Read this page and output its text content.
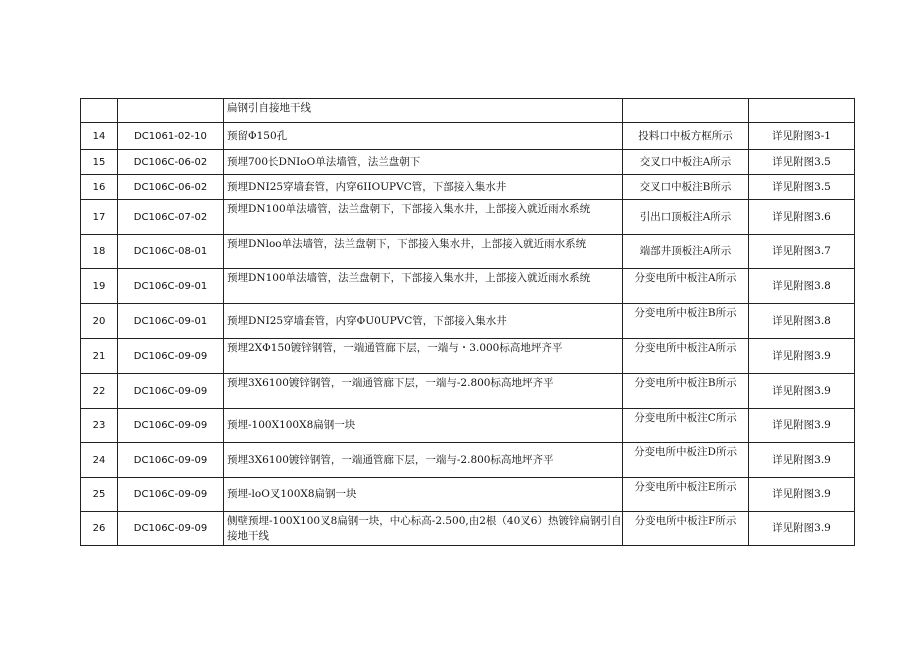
		扁钢引自接地干线		
14	DC1061-02-10	预留Φ150孔	投料口中板方框所示	详见附图3-1
15	DC106C-06-02	预埋700长DNIoO单法墙管，法兰盘朝下	交叉口中板注A所示	详见附图3.5
16	DC106C-06-02	预埋DNI25穿墙套管，内穿6IIOUPVC管，下部接入集水井	交叉口中板注B所示	详见附图3.5
17	DC106C-07-02	预埋DN100单法墙管，法兰盘朝下，下部接入集水井，上部接入就近雨水系统	引出口顶板注A所示	详见附图3.6
18	DC106C-08-01	预埋DNloo单法墙管，法兰盘朝下，下部接入集水井，上部接入就近雨水系统	端部井顶板注A所示	详见附图3.7
19	DC106C-09-01	预埋DN100单法墙管，法兰盘朝下，下部接入集水井，上部接入就近雨水系统	分变电所中板注A所示	详见附图3.8
20	DC106C-09-01	预埋DNI25穿墙套管，内穿ΦU0UPVC管，下部接入集水井	分变电所中板注B所示	详见附图3.8
21	DC106C-09-09	预埋2XΦ150镀锌钢管，一端通管廊下层，一端与・3.000标高地坪齐平	分变电所中板注A所示	详见附图3.9
22	DC106C-09-09	预埋3X6100镀锌钢管，一端通管廊下层，一端与-2.800标高地坪齐平	分变电所中板注B所示	详见附图3.9
23	DC106C-09-09	预埋-100X100X8扁钢一块	分变电所中板注C所示	详见附图3.9
24	DC106C-09-09	预埋3X6100镀锌钢管，一端通管廊下层，一端与-2.800标高地坪齐平	分变电所中板注D所示	详见附图3.9
25	DC106C-09-09	预埋-loO叉100X8扁钢一块	分变电所中板注E所示	详见附图3.9
26	DC106C-09-09	侧壁预埋-100X100叉8扁钢一块，中心标高-2.500,由2根（40叉6）热镀锌扁钢引自接地干线	分变电所中板注F所示	详见附图3.9
